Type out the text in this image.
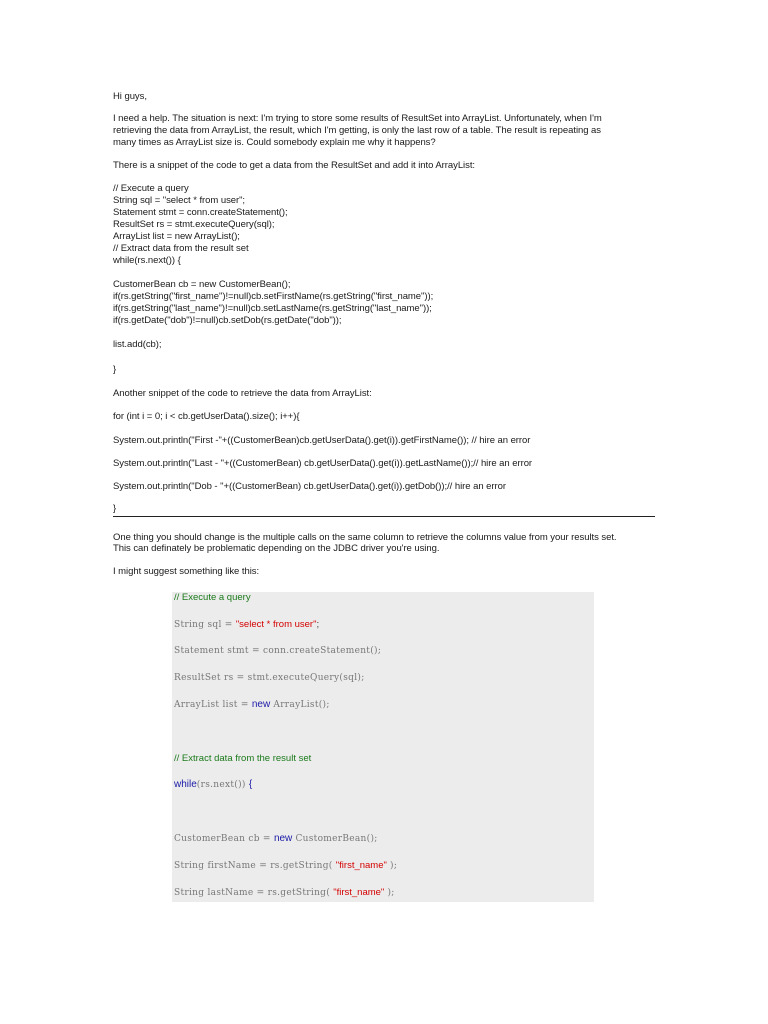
Hi guys,
I need a help. The situation is next: I'm trying to store some results of ResultSet into ArrayList. Unfortunately, when I'm
retrieving the data from ArrayList, the result, which I'm getting, is only the last row of a table. The result is repeating as
many times as ArrayList size is. Could somebody explain me why it happens?
There is a snippet of the code to get a data from the ResultSet and add it into ArrayList:
// Execute a query
String sql = "select * from user";
Statement stmt = conn.createStatement();
ResultSet rs = stmt.executeQuery(sql);
ArrayList list = new ArrayList();
// Extract data from the result set
while(rs.next()) {
CustomerBean cb = new CustomerBean();
if(rs.getString("first_name")!=null)cb.setFirstName(rs.getString("first_name"));
if(rs.getString("last_name")!=null)cb.setLastName(rs.getString("last_name"));
if(rs.getDate("dob")!=null)cb.setDob(rs.getDate("dob"));
list.add(cb);
}
Another snippet of the code to retrieve the data from ArrayList:
for (int i = 0; i < cb.getUserData().size(); i++){
System.out.println("First -"+((CustomerBean)cb.getUserData().get(i)).getFirstName()); // hire an error
System.out.println("Last - "+((CustomerBean) cb.getUserData().get(i)).getLastName());// hire an error
System.out.println("Dob - "+((CustomerBean) cb.getUserData().get(i)).getDob());// hire an error
}
One thing you should change is the multiple calls on the same column to retrieve the columns value from your results set.
This can definately be problematic depending on the JDBC driver you're using.
I might suggest something like this:
// Execute a query
String sql = "select * from user";
Statement stmt = conn.createStatement();
ResultSet rs = stmt.executeQuery(sql);
ArrayList list = new ArrayList();
// Extract data from the result set
while(rs.next()) {
CustomerBean cb = new CustomerBean();
String firstName = rs.getString( "first_name" );
String lastName = rs.getString( "first_name" );
